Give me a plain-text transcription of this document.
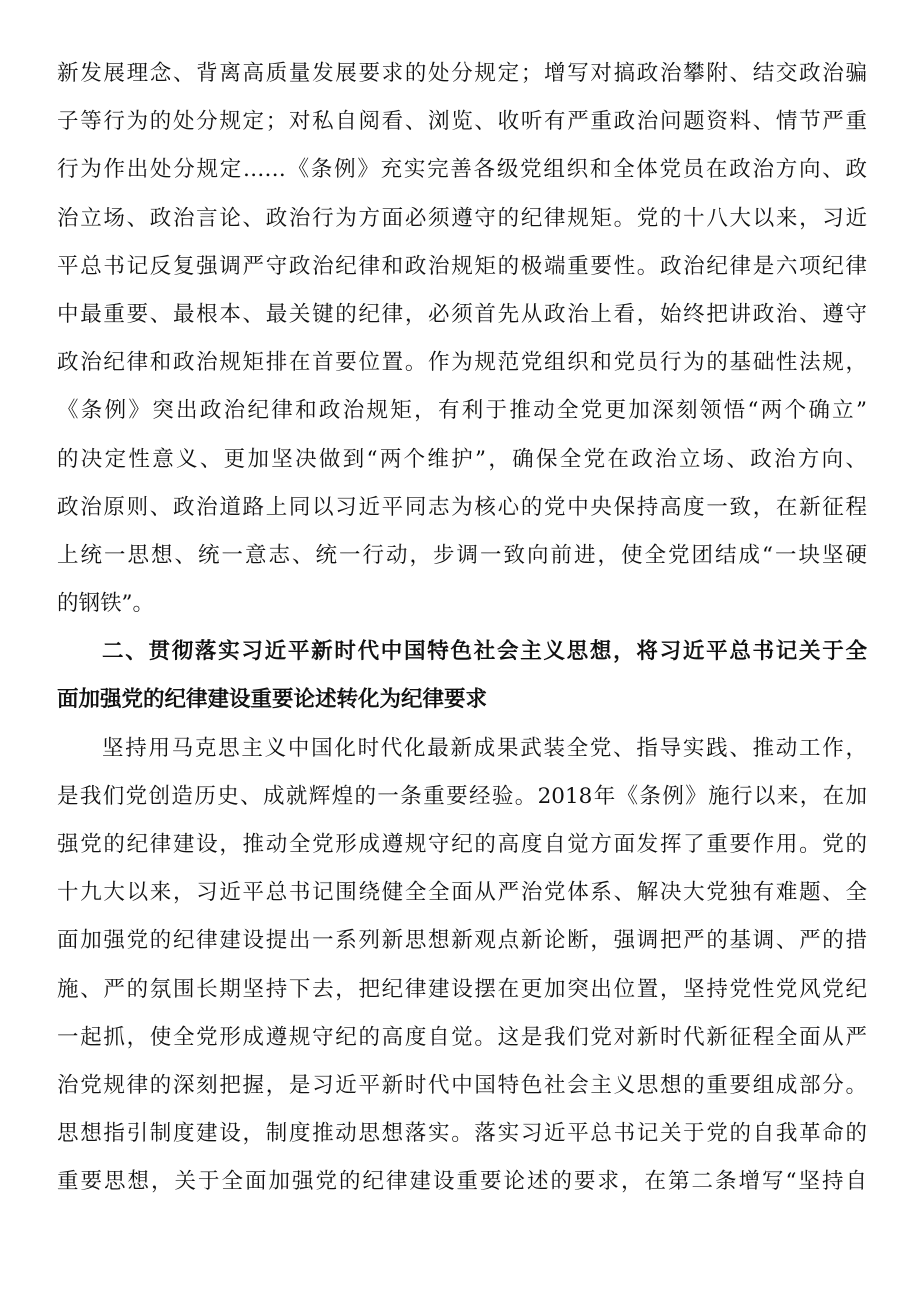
新发展理念、背离高质量发展要求的处分规定；增写对搞政治攀附、结交政治骗
子等行为的处分规定；对私自阅看、浏览、收听有严重政治问题资料、情节严重
行为作出处分规定……《条例》充实完善各级党组织和全体党员在政治方向、政
治立场、政治言论、政治行为方面必须遵守的纪律规矩。党的十八大以来，习近
平总书记反复强调严守政治纪律和政治规矩的极端重要性。政治纪律是六项纪律
中最重要、最根本、最关键的纪律，必须首先从政治上看，始终把讲政治、遵守
政治纪律和政治规矩排在首要位置。作为规范党组织和党员行为的基础性法规，
《条例》突出政治纪律和政治规矩，有利于推动全党更加深刻领悟“两个确立”
的决定性意义、更加坚决做到“两个维护”，确保全党在政治立场、政治方向、
政治原则、政治道路上同以习近平同志为核心的党中央保持高度一致，在新征程
上统一思想、统一意志、统一行动，步调一致向前进，使全党团结成“一块坚硬
的钢铁”。
二、贯彻落实习近平新时代中国特色社会主义思想，将习近平总书记关于全
面加强党的纪律建设重要论述转化为纪律要求
坚持用马克思主义中国化时代化最新成果武装全党、指导实践、推动工作，
是我们党创造历史、成就辉煌的一条重要经验。2018年《条例》施行以来，在加
强党的纪律建设，推动全党形成遵规守纪的高度自觉方面发挥了重要作用。党的
十九大以来，习近平总书记围绕健全全面从严治党体系、解决大党独有难题、全
面加强党的纪律建设提出一系列新思想新观点新论断，强调把严的基调、严的措
施、严的氛围长期坚持下去，把纪律建设摆在更加突出位置，坚持党性党风党纪
一起抓，使全党形成遵规守纪的高度自觉。这是我们党对新时代新征程全面从严
治党规律的深刻把握，是习近平新时代中国特色社会主义思想的重要组成部分。
思想指引制度建设，制度推动思想落实。落实习近平总书记关于党的自我革命的
重要思想，关于全面加强党的纪律建设重要论述的要求，在第二条增写“坚持自
